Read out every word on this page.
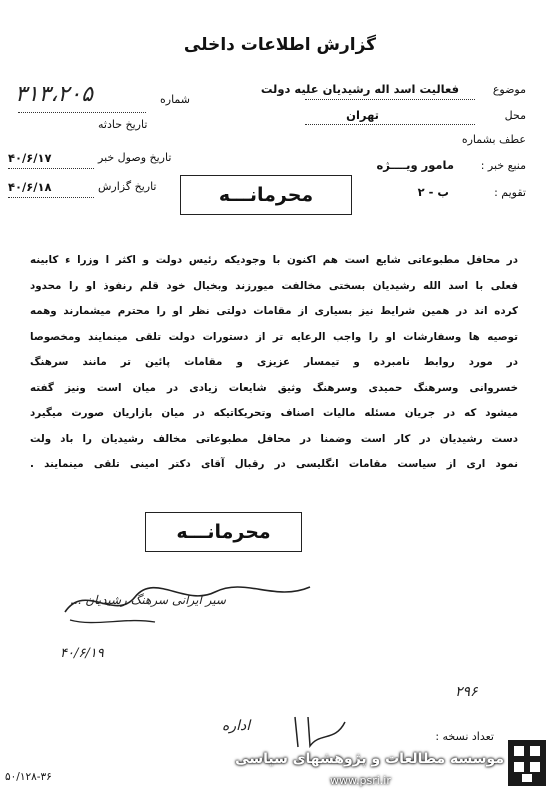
گزارش اطلاعات داخلی
شماره
۳۱۳،۲۰۵
تاریخ حادثه
تاریخ وصول خبر
۴۰/۶/۱۷
تاریخ گزارش
۴۰/۶/۱۸
موضوع
فعالیت اسد اله رشیدیان علیه دولت
محل
تهران
عطف بشماره
منبع خبر :
مامور ویــــژه
تقویم :
ب - ۲
محرمانـــه
در محافل مطبوعاتی شایع است هم اکنون با وجودیکه رئیس دولت و اکثر ا وزرا ء کابینه
فعلی با اسد الله رشیدیان بسختی مخالفت میورزند وبخیال خود قلم رنفوذ او را محدود
کرده اند در همین شرایط نیز بسیاری از مقامات دولتی نظر او را محترم میشمارند وهمه
توصیه ها وسفارشات او را واجب الرعایه تر از دستورات دولت تلقی مینمایند ومخصوصا
در مورد روابط نامبرده و تیمسار عزیزی و مقامات پائین تر مانند سرهنگ
خسروانی وسرهنگ حمیدی وسرهنگ وثیق شایعات زیادی در میان است ونیز گفته
میشود که در جریان مسئله مالیات اصناف وتحریکاتیکه در میان بازاریان صورت میگیرد
دست رشیدیان در کار است وضمنا در محافل مطبوعاتی مخالف رشیدیان را باد ولت
نمود اری از سیاست مقامات انگلیسی در رقبال آقای دکتر امینی تلقی مینمایند .
محرمانـــه
سیر ایرانی سرهنگ رشیدیان ...
۴۰/۶/۱۹
۲۹۶
اداره
تعداد نسخه :
۵۰/۱۲۸-۳۶
موسسه مطالعات و پژوهشهای سیاسی
www.psri.ir
